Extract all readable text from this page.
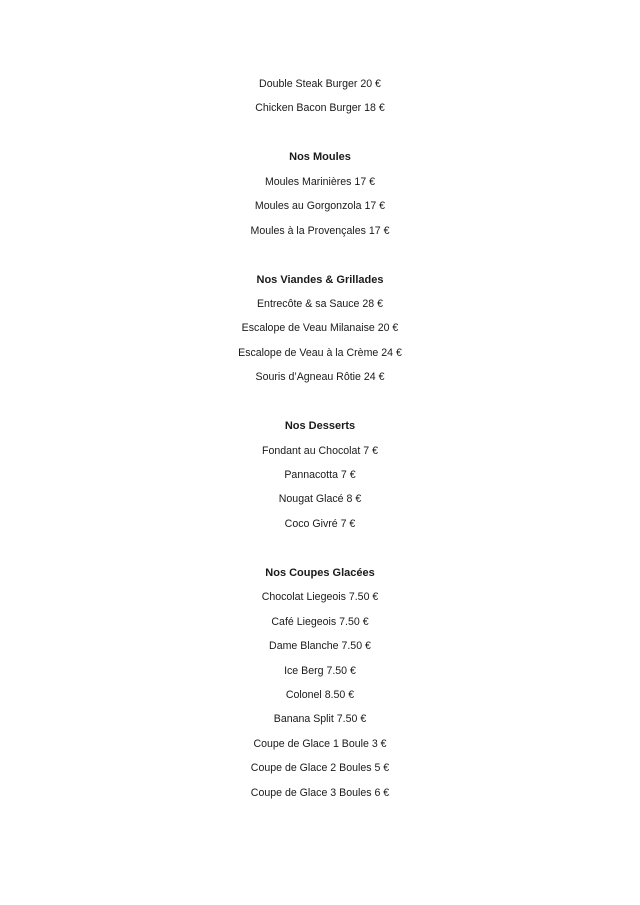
Double Steak Burger 20 €
Chicken Bacon Burger 18 €
Nos Moules
Moules Marinières 17 €
Moules au Gorgonzola 17 €
Moules à la Provençales 17 €
Nos Viandes & Grillades
Entrecôte & sa Sauce 28 €
Escalope de Veau Milanaise 20 €
Escalope de Veau à la Crème 24 €
Souris d’Agneau Rôtie 24 €
Nos Desserts
Fondant au Chocolat 7 €
Pannacotta 7 €
Nougat Glacé 8 €
Coco Givré 7 €
Nos Coupes Glacées
Chocolat Liegeois 7.50 €
Café Liegeois 7.50 €
Dame Blanche 7.50 €
Ice Berg 7.50 €
Colonel 8.50 €
Banana Split 7.50 €
Coupe de Glace 1 Boule 3 €
Coupe de Glace 2 Boules 5 €
Coupe de Glace 3 Boules 6 €
